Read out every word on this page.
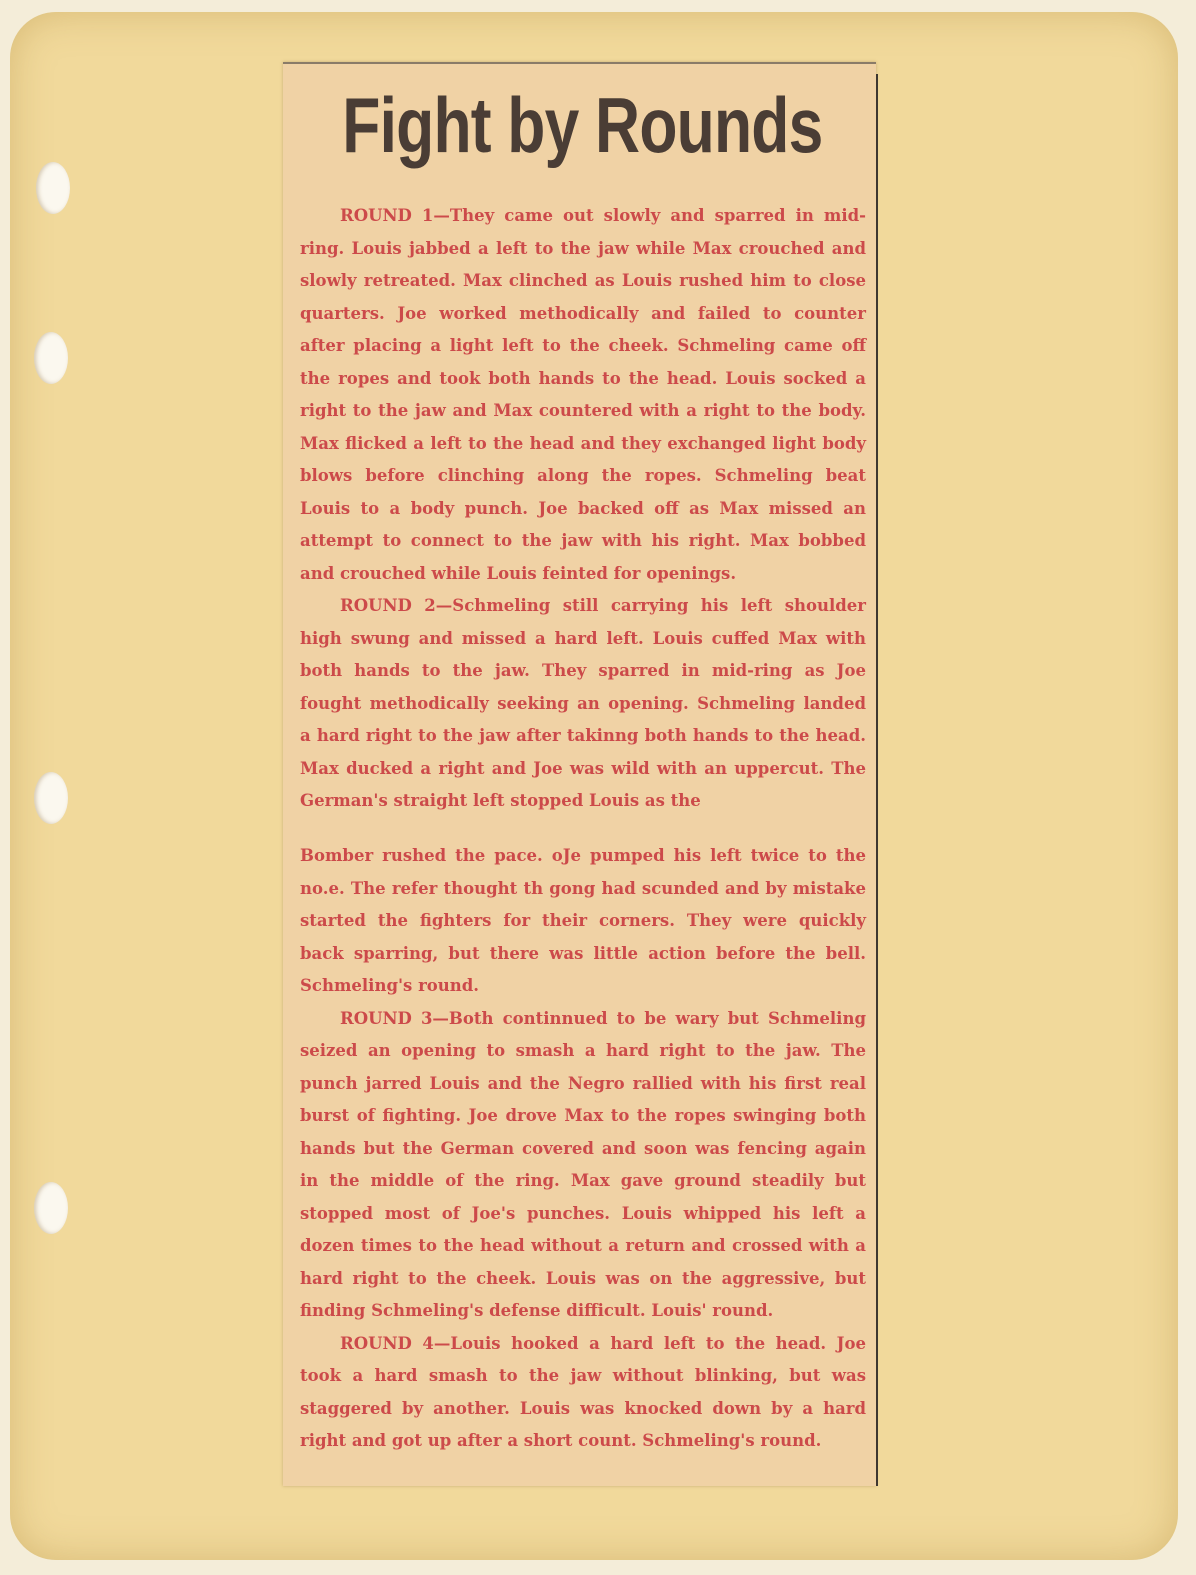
Fight by Rounds

ROUND 1—They came out slowly and sparred in mid-ring. Louis jabbed a left to the jaw while Max crouched and slowly retreated. Max clinched as Louis rushed him to close quarters. Joe worked methodically and failed to counter after placing a light left to the cheek. Schmeling came off the ropes and took both hands to the head. Louis socked a right to the jaw and Max countered with a right to the body. Max flicked a left to the head and they exchanged light body blows before clinching along the ropes. Schmeling beat Louis to a body punch. Joe backed off as Max missed an attempt to connect to the jaw with his right. Max bobbed and crouched while Louis feinted for openings.

ROUND 2—Schmeling still carrying his left shoulder high swung and missed a hard left. Louis cuffed Max with both hands to the jaw. They sparred in mid-ring as Joe fought methodically seeking an opening. Schmeling landed a hard right to the jaw after takinng both hands to the head. Max ducked a right and Joe was wild with an uppercut. The German's straight left stopped Louis as the

Bomber rushed the pace. oJe pumped his left twice to the no.e. The refer thought th gong had scunded and by mistake started the fighters for their corners. They were quickly back sparring, but there was little action before the bell. Schmeling's round.

ROUND 3—Both continnued to be wary but Schmeling seized an opening to smash a hard right to the jaw. The punch jarred Louis and the Negro rallied with his first real burst of fighting. Joe drove Max to the ropes swinging both hands but the German covered and soon was fencing again in the middle of the ring. Max gave ground steadily but stopped most of Joe's punches. Louis whipped his left a dozen times to the head without a return and crossed with a hard right to the cheek. Louis was on the aggressive, but finding Schmeling's defense difficult. Louis' round.

ROUND 4—Louis hooked a hard left to the head. Joe took a hard smash to the jaw without blinking, but was staggered by another. Louis was knocked down by a hard right and got up after a short count. Schmeling's round.
